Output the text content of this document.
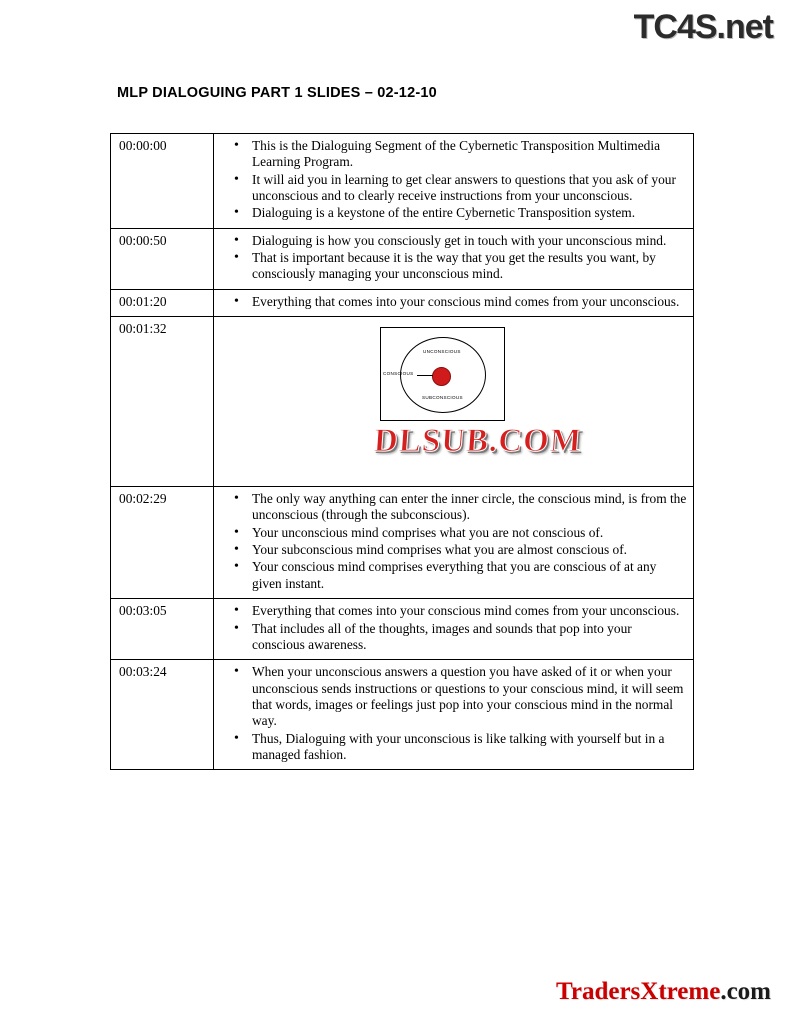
TC4S.net
MLP DIALOGUING PART 1 SLIDES – 02-12-10
00:00:00	
•This is the Dialoguing Segment of the Cybernetic Transposition Multimedia Learning Program.
• It will aid you in learning to get clear answers to questions that you ask of your unconscious and to clearly receive instructions from your unconscious.
• Dialoguing is a keystone of the entire Cybernetic Transposition system.

00:00:50	
•Dialoguing is how you consciously get in touch with your unconscious mind.
• That is important because it is the way that you get the results you want, by consciously managing your unconscious mind.

00:01:20	
•Everything that comes into your conscious mind comes from your unconscious.

00:01:32	UNCONSCIOUS
SUBCONSCIOUS
CONSCIOUS
DLSUB.COM

00:02:29	
•The only way anything can enter the inner circle, the conscious mind, is from the unconscious (through the subconscious).
• Your unconscious mind comprises what you are not conscious of.
• Your subconscious mind comprises what you are almost conscious of.
• Your conscious mind comprises everything that you are conscious of at any given instant.

00:03:05	
•Everything that comes into your conscious mind comes from your unconscious.
• That includes all of the thoughts, images and sounds that pop into your conscious awareness.

00:03:24	
•When your unconscious answers a question you have asked of it or when your unconscious sends instructions or questions to your conscious mind, it will seem that words, images or feelings just pop into your conscious mind in the normal way.
• Thus, Dialoguing with your unconscious is like talking with yourself but in a managed fashion.
TradersXtreme.com
